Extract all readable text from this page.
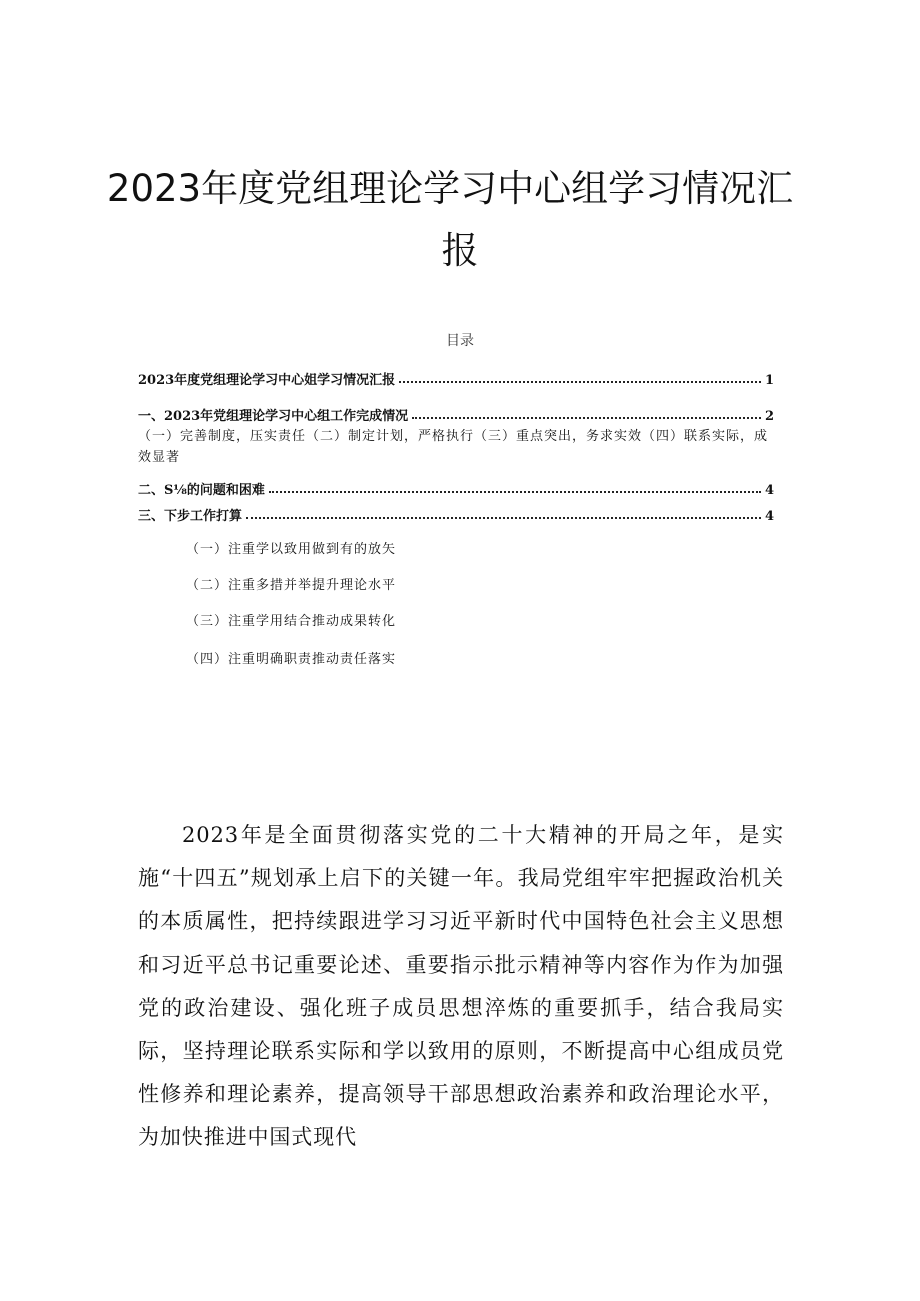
2023年度党组理论学习中心组学习情况汇
报
目录
2023年度党组理论学习中心姐学习情况汇报	1
一、2023年党组理论学习中心组工作完成情况	2
（一）完善制度，压实责任（二）制定计划，严格执行（三）重点突出，务求实效（四）联系实际，成效显著
二、S⅛的问题和困难	4
三、下步工作打算	4
（一）注重学以致用做到有的放矢
（二）注重多措并举提升理论水平
（三）注重学用结合推动成果转化
（四）注重明确职责推动责任落实
2023年是全面贯彻落实党的二十大精神的开局之年，是实施“十四五”规划承上启下的关键一年。我局党组牢牢把握政治机关的本质属性，把持续跟进学习习近平新时代中国特色社会主义思想和习近平总书记重要论述、重要指示批示精神等内容作为作为加强党的政治建设、强化班子成员思想淬炼的重要抓手，结合我局实际，坚持理论联系实际和学以致用的原则，不断提高中心组成员党性修养和理论素养，提高领导干部思想政治素养和政治理论水平，为加快推进中国式现代
